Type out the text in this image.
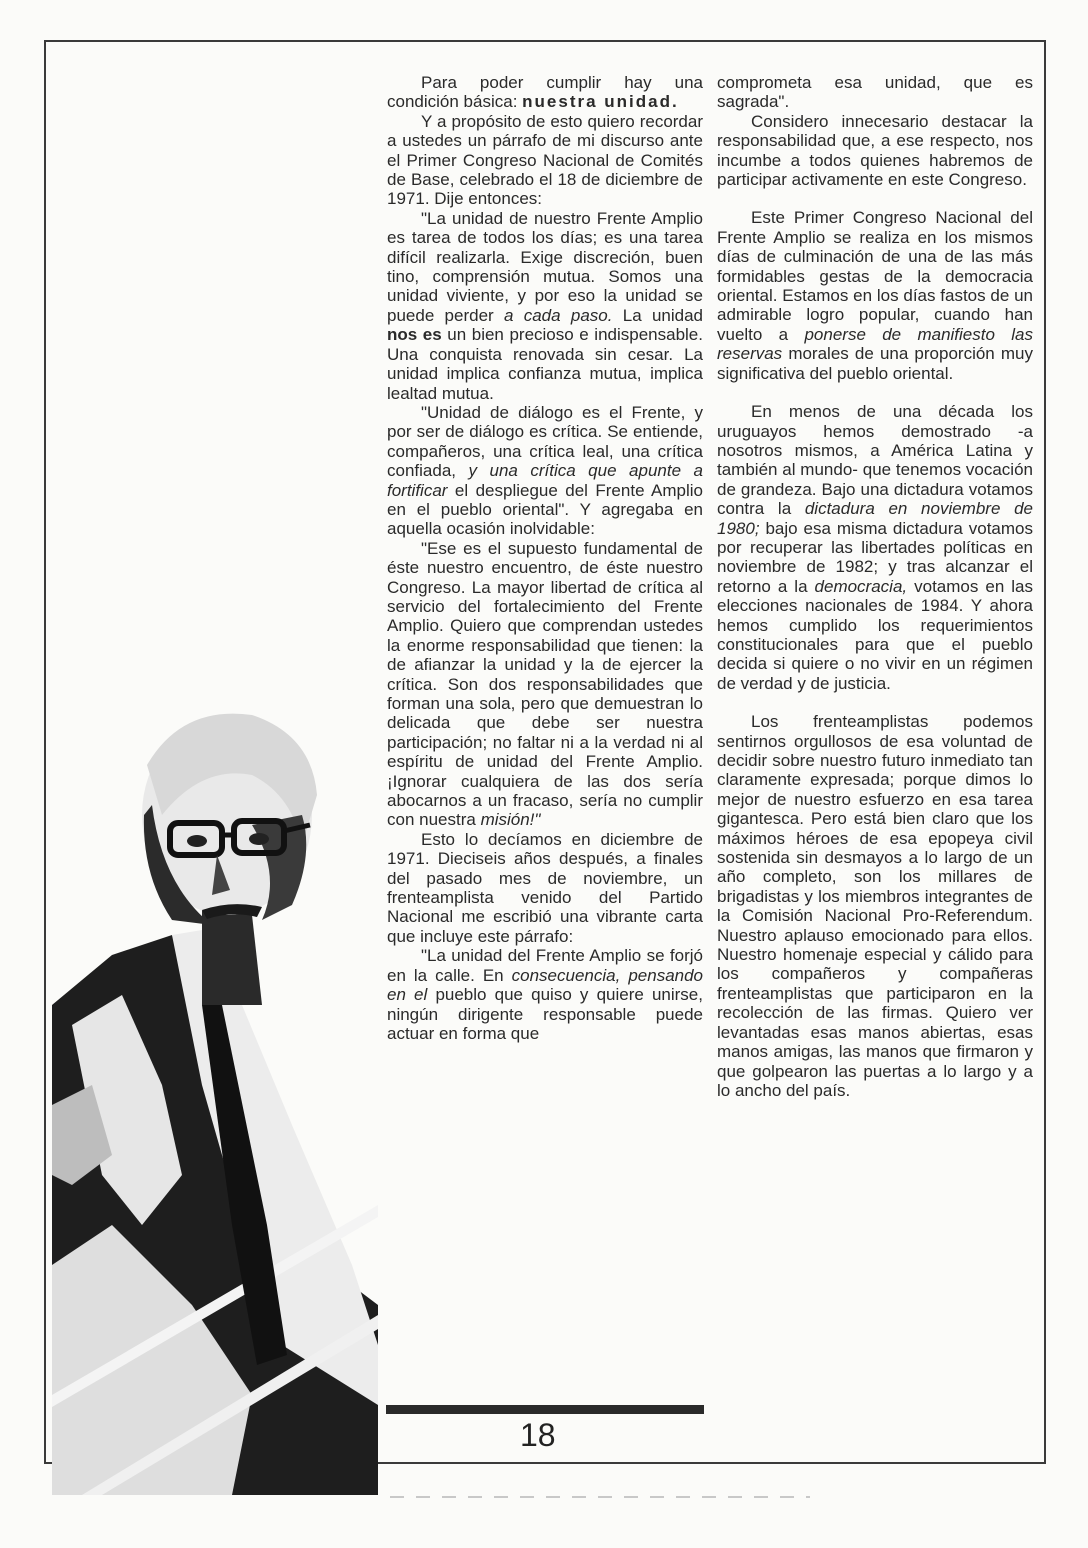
Para poder cumplir hay una condición básica: nuestra unidad.

Y a propósito de esto quiero recordar a ustedes un párrafo de mi discurso ante el Primer Congreso Nacional de Comités de Base, celebrado el 18 de diciembre de 1971. Dije entonces:

"La unidad de nuestro Frente Amplio es tarea de todos los días; es una tarea difícil realizarla. Exige discreción, buen tino, comprensión mutua. Somos una unidad viviente, y por eso la unidad se puede perder a cada paso. La unidad nos es un bien precioso e indispensable. Una conquista renovada sin cesar. La unidad implica confianza mutua, implica lealtad mutua.

"Unidad de diálogo es el Frente, y por ser de diálogo es crítica. Se entiende, compañeros, una crítica leal, una crítica confiada, y una crítica que apunte a fortificar el despliegue del Frente Amplio en el pueblo oriental". Y agregaba en aquella ocasión inolvidable:

"Ese es el supuesto fundamental de éste nuestro encuentro, de éste nuestro Congreso. La mayor libertad de crítica al servicio del fortalecimiento del Frente Amplio. Quiero que comprendan ustedes la enorme responsabilidad que tienen: la de afianzar la unidad y la de ejercer la crítica. Son dos responsabilidades que forman una sola, pero que demuestran lo delicada que debe ser nuestra participación; no faltar ni a la verdad ni al espíritu de unidad del Frente Amplio. ¡Ignorar cualquiera de las dos sería abocarnos a un fracaso, sería no cumplir con nuestra misión!"

Esto lo decíamos en diciembre de 1971. Dieciseis años después, a finales del pasado mes de noviembre, un frenteamplista venido del Partido Nacional me escribió una vibrante carta que incluye este párrafo:

"La unidad del Frente Amplio se forjó en la calle. En consecuencia, pensando en el pueblo que quiso y quiere unirse, ningún dirigente responsable puede actuar en forma que

comprometa esa unidad, que es sagrada".

Considero innecesario destacar la responsabilidad que, a ese respecto, nos incumbe a todos quienes habremos de participar activamente en este Congreso.

Este Primer Congreso Nacional del Frente Amplio se realiza en los mismos días de culminación de una de las más formidables gestas de la democracia oriental. Estamos en los días fastos de un admirable logro popular, cuando han vuelto a ponerse de manifiesto las reservas morales de una proporción muy significativa del pueblo oriental.

En menos de una década los uruguayos hemos demostrado -a nosotros mismos, a América Latina y también al mundo- que tenemos vocación de grandeza. Bajo una dictadura votamos contra la dictadura en noviembre de 1980; bajo esa misma dictadura votamos por recuperar las libertades políticas en noviembre de 1982; y tras alcanzar el retorno a la democracia, votamos en las elecciones nacionales de 1984. Y ahora hemos cumplido los requerimientos constitucionales para que el pueblo decida si quiere o no vivir en un régimen de verdad y de justicia.

Los frenteamplistas podemos sentirnos orgullosos de esa voluntad de decidir sobre nuestro futuro inmediato tan claramente expresada; porque dimos lo mejor de nuestro esfuerzo en esa tarea gigantesca. Pero está bien claro que los máximos héroes de esa epopeya civil sostenida sin desmayos a lo largo de un año completo, son los millares de brigadistas y los miembros integrantes de la Comisión Nacional Pro-Referendum. Nuestro aplauso emocionado para ellos. Nuestro homenaje especial y cálido para los compañeros y compañeras frenteamplistas que participaron en la recolección de las firmas. Quiero ver levantadas esas manos abiertas, esas manos amigas, las manos que firmaron y que golpearon las puertas a lo largo y a lo ancho del país.

18
